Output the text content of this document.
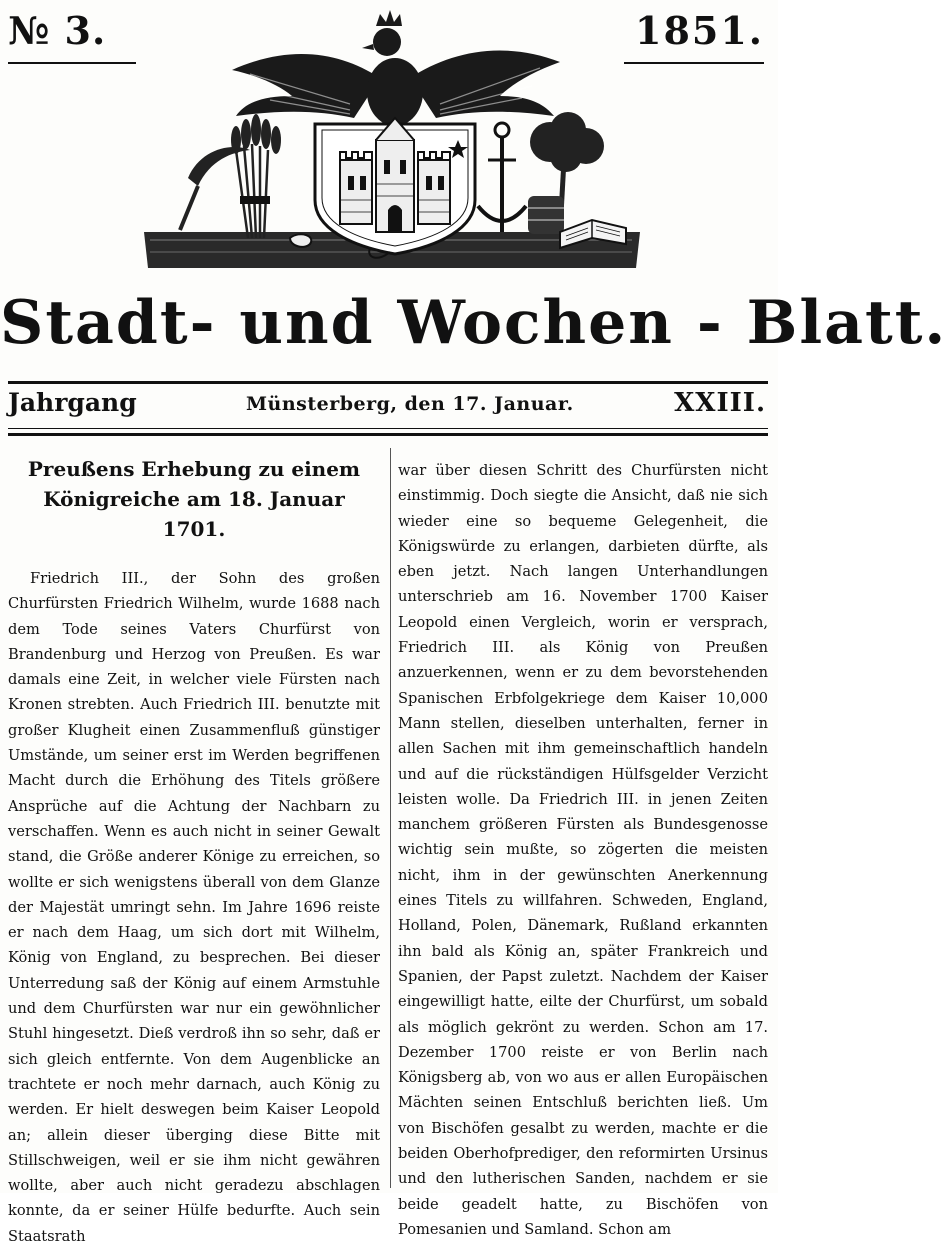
№ 3.	1851.
Stadt- und Wochen - Blatt.
Jahrgang	Münsterberg, den 17. Januar.	XXIII.

Preußens Erhebung zu einem Königreiche am 18. Januar 1701.

Friedrich III., der Sohn des großen Churfürsten Friedrich Wilhelm, wurde 1688 nach dem Tode seines Vaters Churfürst von Brandenburg und Herzog von Preußen. Es war damals eine Zeit, in welcher viele Fürsten nach Kronen strebten. Auch Friedrich III. benutzte mit großer Klugheit einen Zusammenfluß günstiger Umstände, um seiner erst im Werden begriffenen Macht durch die Erhöhung des Titels größere Ansprüche auf die Achtung der Nachbarn zu verschaffen. Wenn es auch nicht in seiner Gewalt stand, die Größe anderer Könige zu erreichen, so wollte er sich wenigstens überall von dem Glanze der Majestät umringt sehn. Im Jahre 1696 reiste er nach dem Haag, um sich dort mit Wilhelm, König von England, zu besprechen. Bei dieser Unterredung saß der König auf einem Armstuhle und dem Churfürsten war nur ein gewöhnlicher Stuhl hingesetzt. Dieß verdroß ihn so sehr, daß er sich gleich entfernte. Von dem Augenblicke an trachtete er noch mehr darnach, auch König zu werden. Er hielt deswegen beim Kaiser Leopold an; allein dieser überging diese Bitte mit Stillschweigen, weil er sie ihm nicht gewähren wollte, aber auch nicht geradezu abschlagen konnte, da er seiner Hülfe bedurfte. Auch sein Staatsrath

war über diesen Schritt des Churfürsten nicht einstimmig. Doch siegte die Ansicht, daß nie sich wieder eine so bequeme Gelegenheit, die Königswürde zu erlangen, darbieten dürfte, als eben jetzt. Nach langen Unterhandlungen unterschrieb am 16. November 1700 Kaiser Leopold einen Vergleich, worin er versprach, Friedrich III. als König von Preußen anzuerkennen, wenn er zu dem bevorstehenden Spanischen Erbfolgekriege dem Kaiser 10,000 Mann stellen, dieselben unterhalten, ferner in allen Sachen mit ihm gemeinschaftlich handeln und auf die rückständigen Hülfsgelder Verzicht leisten wolle. Da Friedrich III. in jenen Zeiten manchem größeren Fürsten als Bundesgenosse wichtig sein mußte, so zögerten die meisten nicht, ihm in der gewünschten Anerkennung eines Titels zu willfahren. Schweden, England, Holland, Polen, Dänemark, Rußland erkannten ihn bald als König an, später Frankreich und Spanien, der Papst zuletzt. Nachdem der Kaiser eingewilligt hatte, eilte der Churfürst, um sobald als möglich gekrönt zu werden. Schon am 17. Dezember 1700 reiste er von Berlin nach Königsberg ab, von wo aus er allen Europäischen Mächten seinen Entschluß berichten ließ. Um von Bischöfen gesalbt zu werden, machte er die beiden Oberhofprediger, den reformirten Ursinus und den lutherischen Sanden, nachdem er sie beide geadelt hatte, zu Bischöfen von Pomesanien und Samland. Schon am
